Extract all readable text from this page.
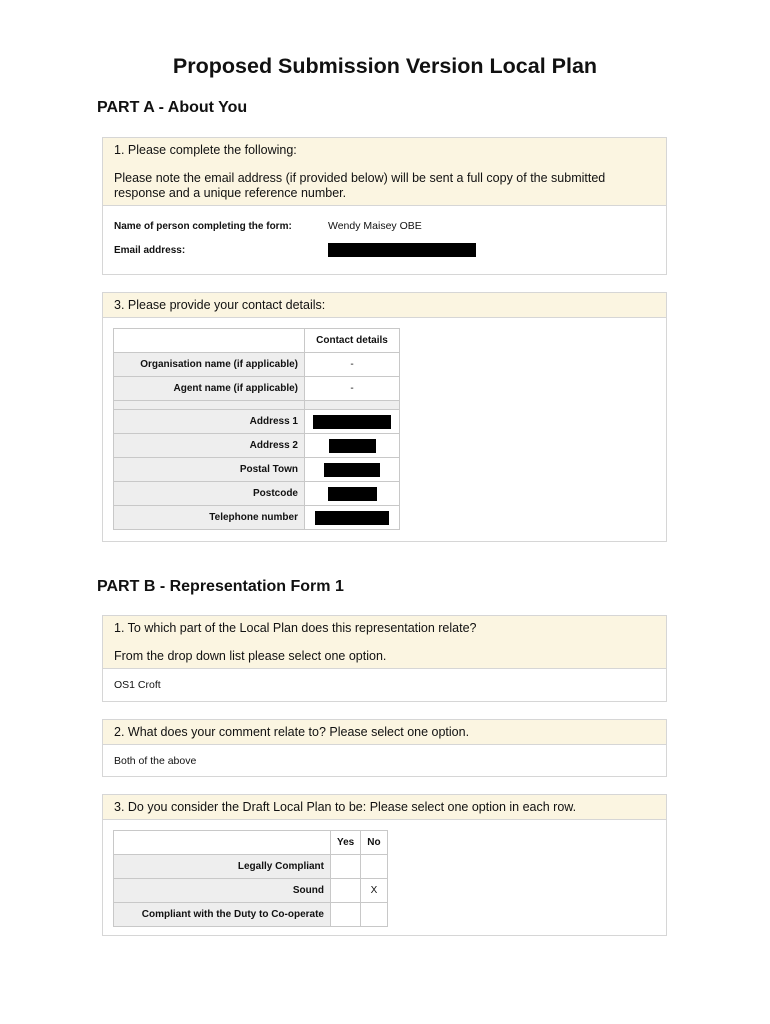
Proposed Submission Version Local Plan
PART A - About You

1. Please complete the following:

Please note the email address (if provided below) will be sent a full copy of the submitted response and a unique reference number.

Name of person completing the form:	Wendy Maisey OBE
Email address:

3. Please provide your contact details:

	Contact details
Organisation name (if applicable)	-
Agent name (if applicable)	-

Address 1	
Address 2	
Postal Town	
Postcode	
Telephone number	
PART B - Representation Form 1

1. To which part of the Local Plan does this representation relate?

From the drop down list please select one option.

OS1 Croft

2. What does your comment relate to? Please select one option.

Both of the above

3. Do you consider the Draft Local Plan to be: Please select one option in each row.

	Yes	No
Legally Compliant		
Sound		X
Compliant with the Duty to Co-operate		
